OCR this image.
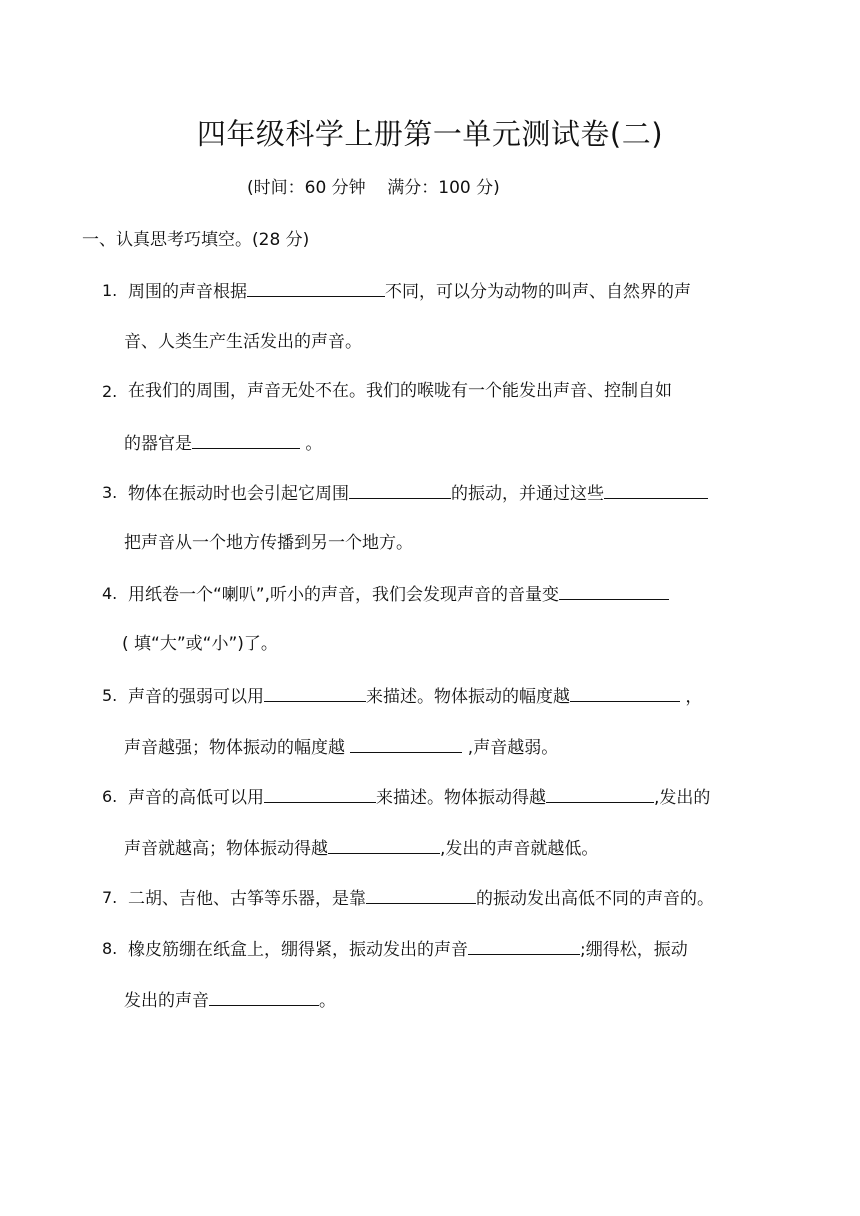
四年级科学上册第一单元测试卷(二)
(时间：60 分钟    满分：100 分)
一、认真思考巧填空。(28 分)
1. 周围的声音根据	不同，可以分为动物的叫声、自然界的声
音、人类生产生活发出的声音。
2. 在我们的周围，声音无处不在。我们的喉咙有一个能发出声音、控制自如
的器官是	。
3. 物体在振动时也会引起它周围	的振动，并通过这些
把声音从一个地方传播到另一个地方。
4. 用纸卷一个“喇叭”,听小的声音，我们会发现声音的音量变
( 填“大”或“小”)了。
5. 声音的强弱可以用	来描述。物体振动的幅度越	，
声音越强；物体振动的幅度越	,声音越弱。
6. 声音的高低可以用	来描述。物体振动得越	,发出的
声音就越高；物体振动得越	,发出的声音就越低。
7. 二胡、吉他、古筝等乐器，是靠	的振动发出高低不同的声音的。
8. 橡皮筋绷在纸盒上，绷得紧，振动发出的声音	;绷得松，振动
发出的声音	。
